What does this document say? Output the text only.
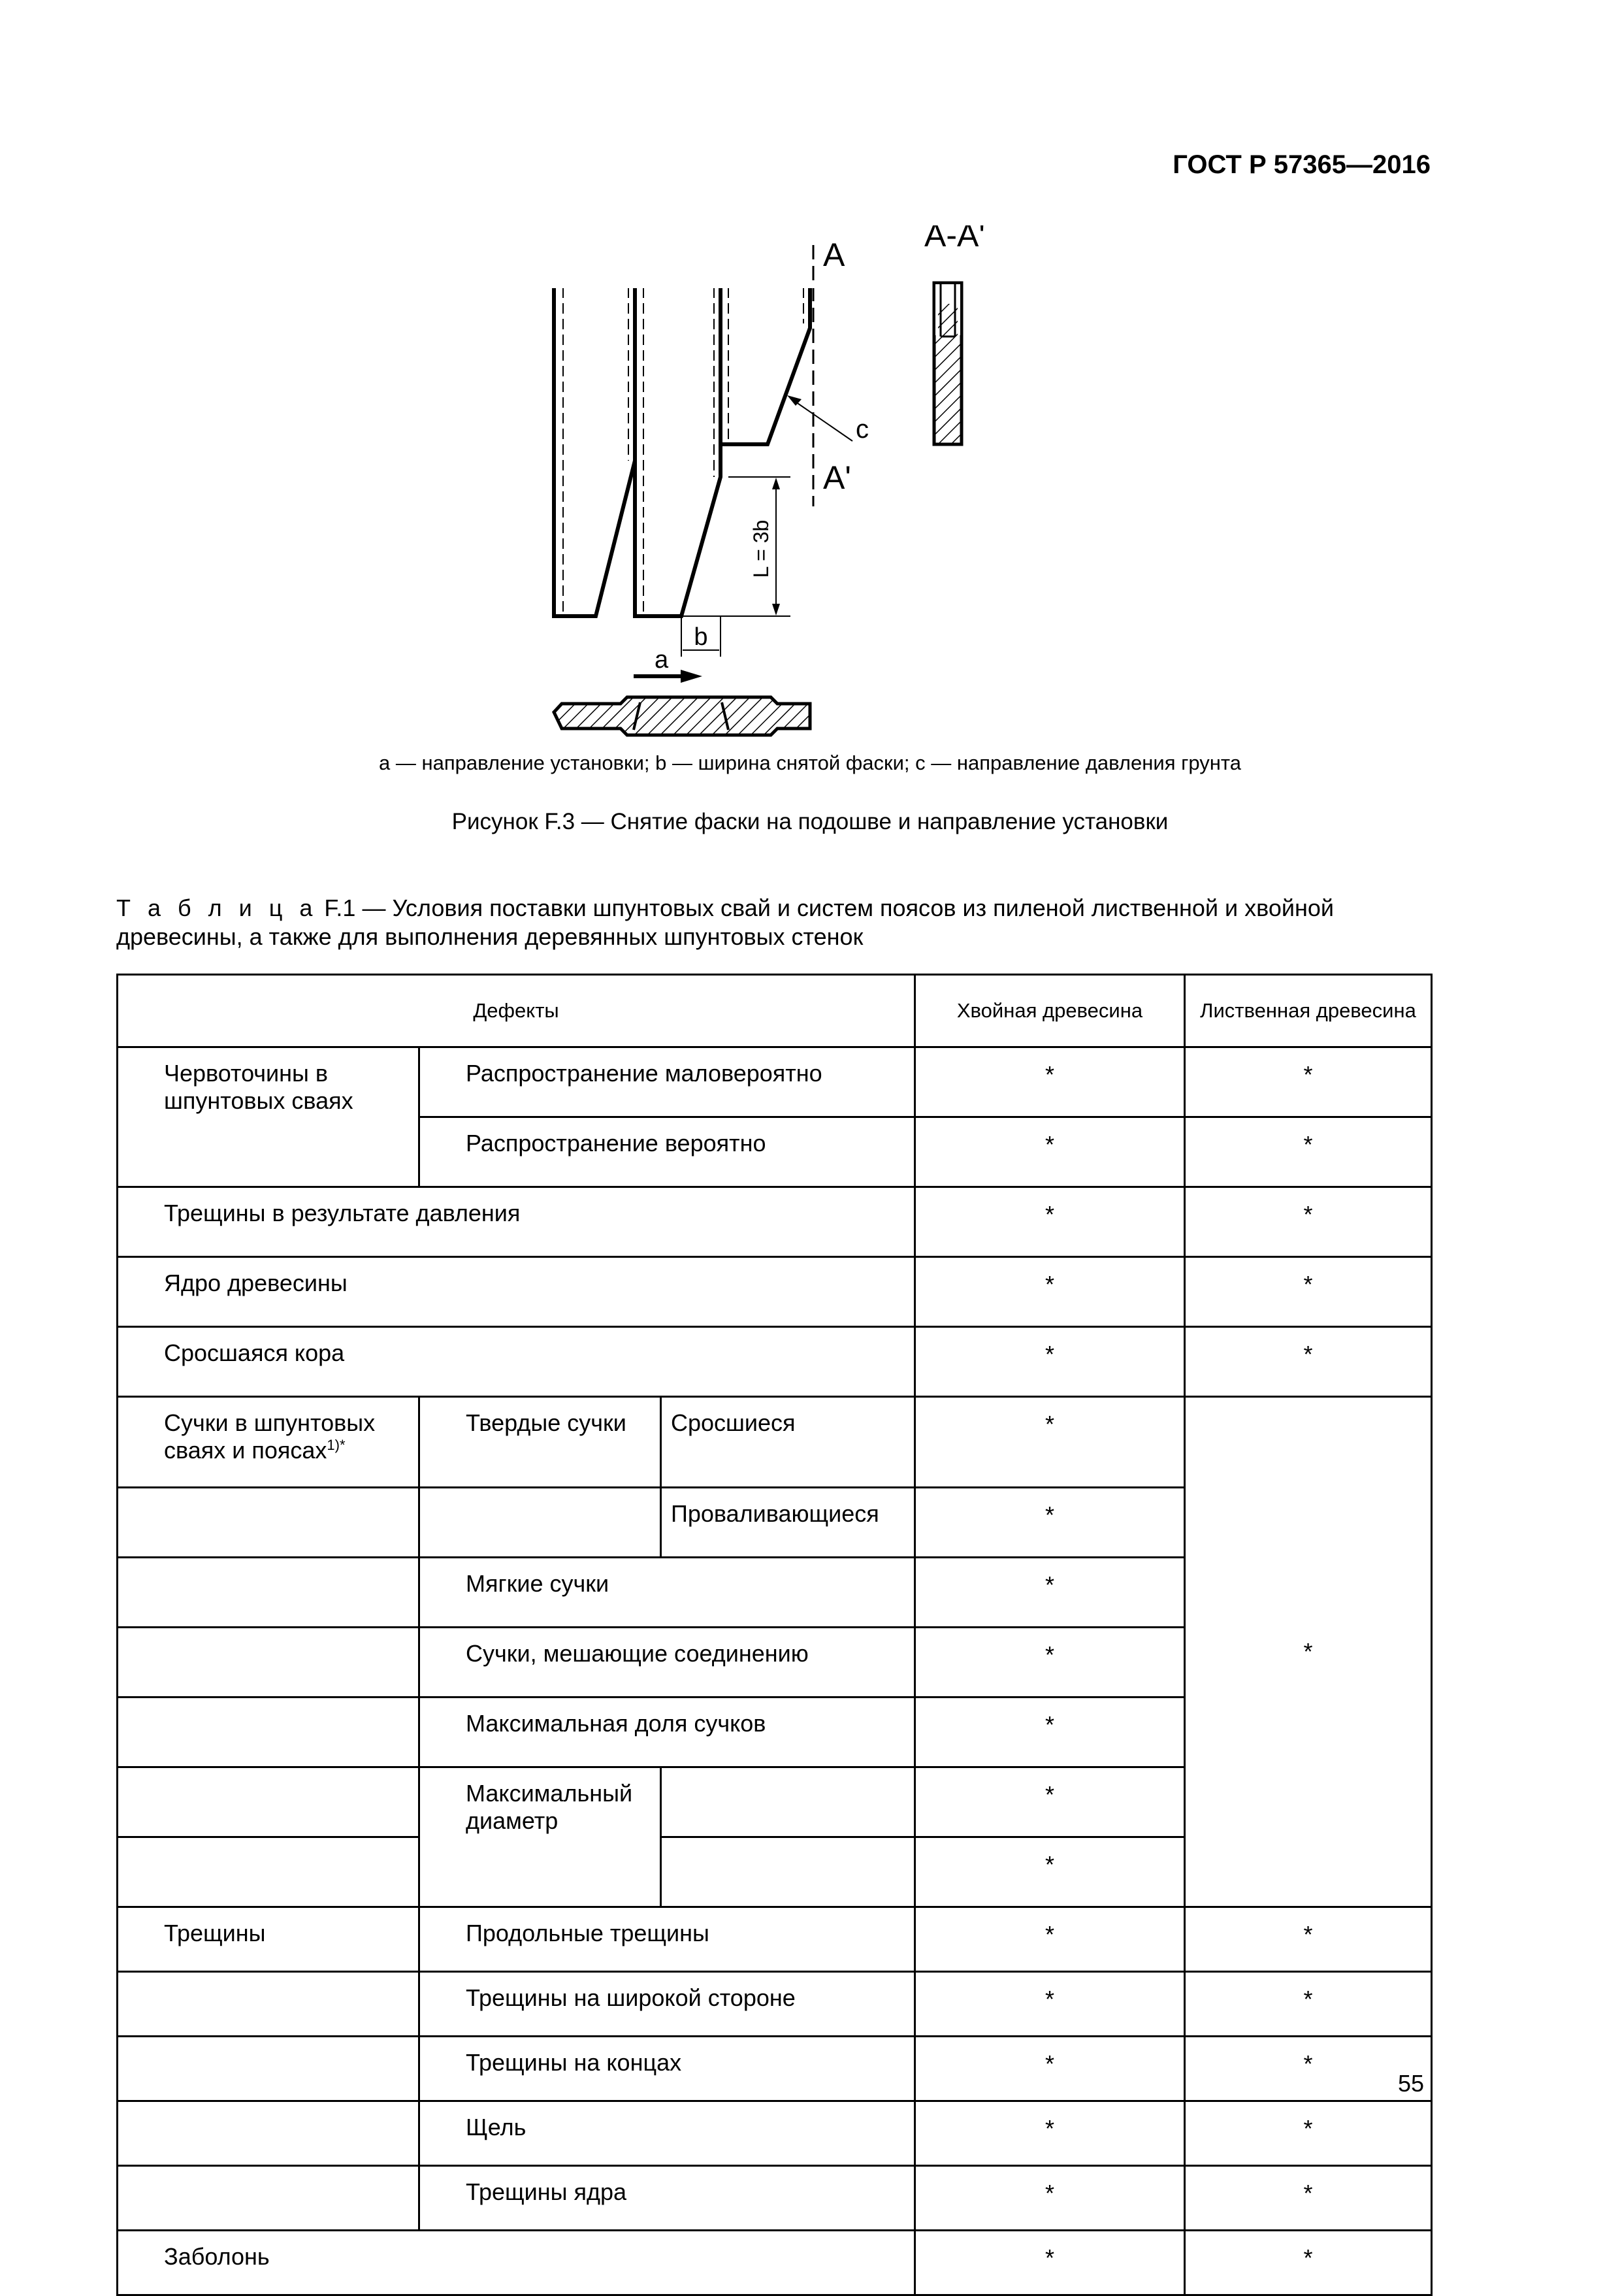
ГОСТ Р 57365—2016
L = 3b
b
a
c
А
А'
А-А'
а — направление установки; b — ширина снятой фаски; с — направление давления грунта
Рисунок F.3 — Снятие фаски на подошве и направление установки
Т а б л и ц а F.1 — Условия поставки шпунтовых свай и систем поясов из пиленой лиственной и хвойной древесины, а также для выполнения деревянных шпунтовых стенок
Дефекты			Хвойная древесина	Лиственная древесина
Червоточины в шпунтовых сваях	Распространение маловероятно		*	*
	Распространение вероятно		*	*
Трещины в результате давления			*	*
Ядро древесины			*	*
Сросшаяся кора			*	*
Сучки в шпунтовых сваях и поясах$^{1)*}$	Твердые сучки	Сросшиеся	*	*
		Проваливающиеся	*	
	Мягкие сучки		*	
	Сучки, мешающие соединению		*	
	Максимальная доля сучков		*	
	Максимальный диаметр		*	
			*	
Трещины	Продольные трещины		*	*
	Трещины на широкой стороне		*	*
	Трещины на концах		*	*
	Щель		*	*
	Трещины ядра		*	*
Заболонь			*	*
55
